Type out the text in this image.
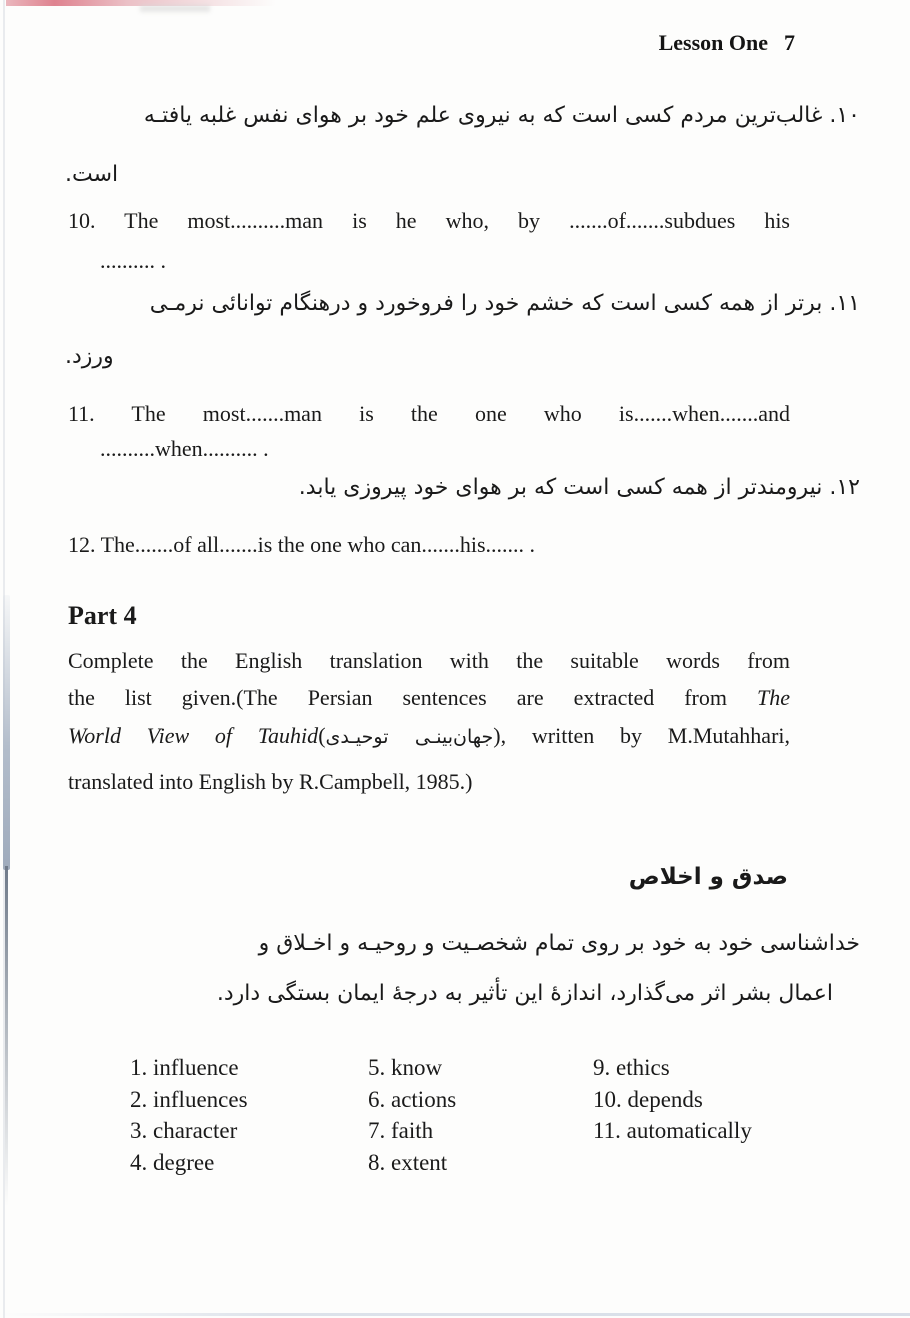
Lesson One 7
۱۰. غالب‌ترین مردم کسی است که به نیروی علم خود بر هوای نفس غلبه یافتـه
است.
10. The most..........man is he who, by .......of.......subdues his
.......... .
۱۱. برتر از همه کسی است که خشم خود را فروخورد و درهنگام توانائی نرمـی
ورزد.
11. The most.......man is the one who is.......when.......and
..........when.......... .
۱۲. نیرومندتر از همه کسی است که بر هوای خود پیروزی یابد.
12. The.......of all.......is the one who can.......his....... .
Part 4
Complete the English translation with the suitable words from
the list given.(The Persian sentences are extracted from The
World View of Tauhid(جهان‌بینـی توحیـدی), written by M.Mutahhari,
translated into English by R.Campbell, 1985.)
صدق و اخلاص
خداشناسی خود به خود بر روی تمام شخصـیت و روحیـه و اخـلاق و
اعمال بشر اثر می‌گذارد، اندازۀ این تأثیر به درجۀ ایمان بستگی دارد.
1. influence
2. influences
3. character
4. degree
5. know
6. actions
7. faith
8. extent
9. ethics
10. depends
11. automatically
